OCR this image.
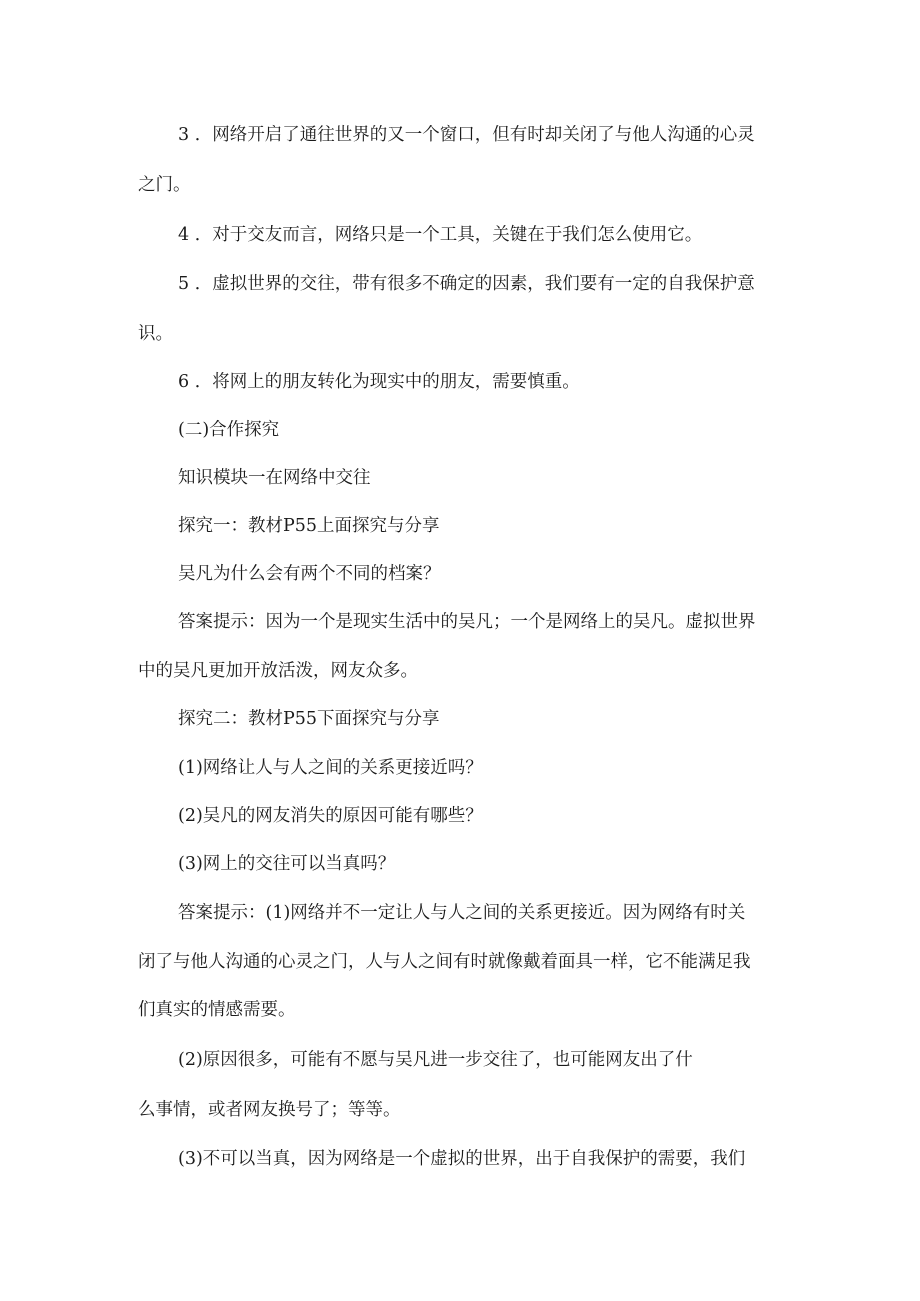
3 ．网络开启了通往世界的又一个窗口，但有时却关闭了与他人沟通的心灵

之门。

4 ．对于交友而言，网络只是一个工具，关键在于我们怎么使用它。

5 ．虚拟世界的交往，带有很多不确定的因素，我们要有一定的自我保护意

识。

6 ．将网上的朋友转化为现实中的朋友，需要慎重。

(二)合作探究

知识模块一在网络中交往

探究一：教材P55上面探究与分享

吴凡为什么会有两个不同的档案？

答案提示：因为一个是现实生活中的吴凡；一个是网络上的吴凡。虚拟世界

中的吴凡更加开放活泼，网友众多。

探究二：教材P55下面探究与分享

(1)网络让人与人之间的关系更接近吗？

(2)吴凡的网友消失的原因可能有哪些？

(3)网上的交往可以当真吗？

答案提示：(1)网络并不一定让人与人之间的关系更接近。因为网络有时关

闭了与他人沟通的心灵之门，人与人之间有时就像戴着面具一样，它不能满足我

们真实的情感需要。

(2)原因很多，可能有不愿与吴凡进一步交往了，也可能网友出了什

么事情，或者网友换号了；等等。

(3)不可以当真，因为网络是一个虚拟的世界，出于自我保护的需要，我们
